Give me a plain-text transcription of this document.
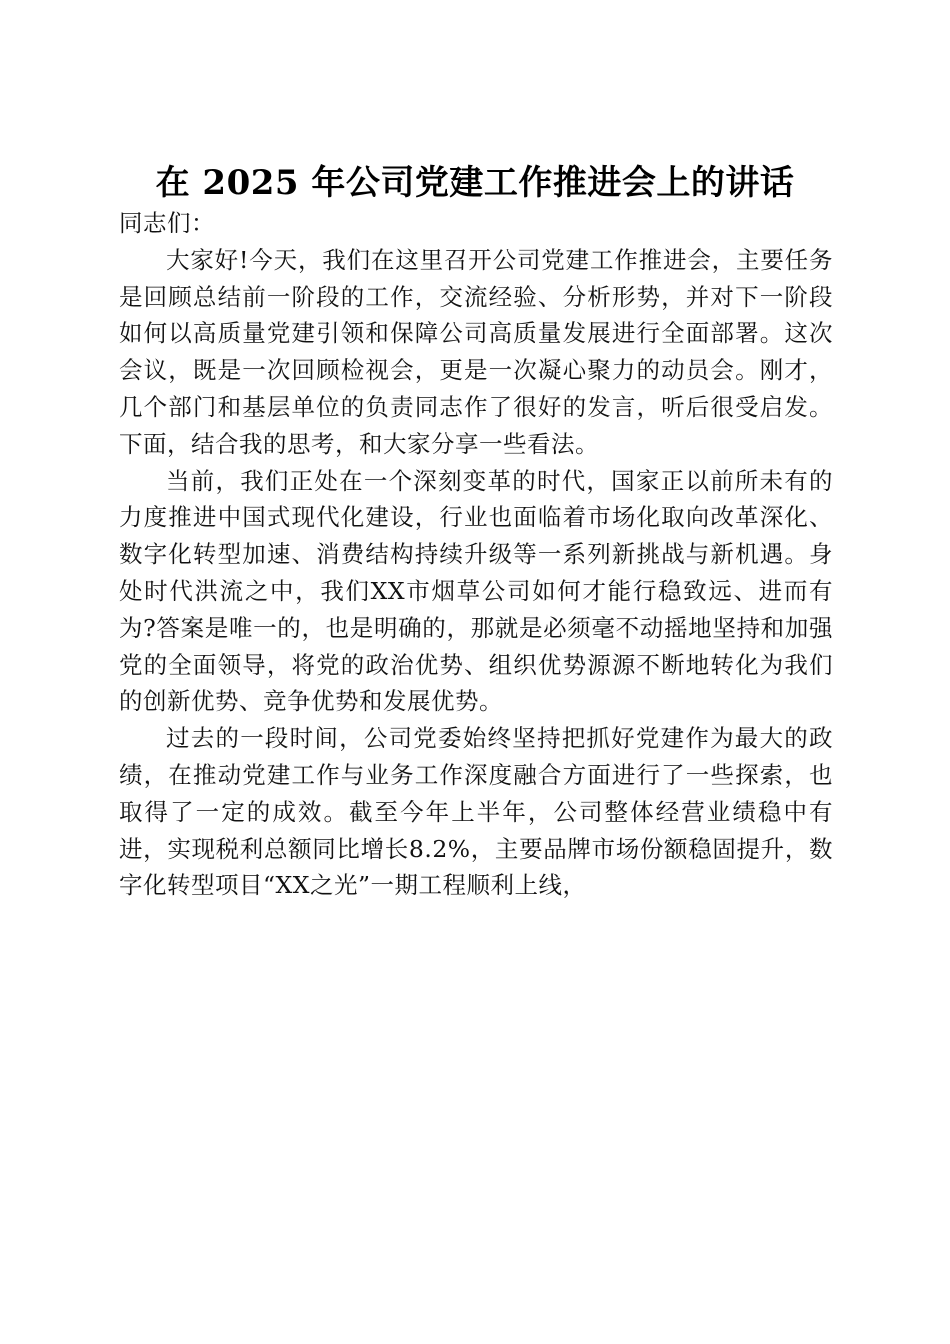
在 2025 年公司党建工作推进会上的讲话

同志们：

大家好!今天，我们在这里召开公司党建工作推进会，主要任务是回顾总结前一阶段的工作，交流经验、分析形势，并对下一阶段如何以高质量党建引领和保障公司高质量发展进行全面部署。这次会议，既是一次回顾检视会，更是一次凝心聚力的动员会。刚才，几个部门和基层单位的负责同志作了很好的发言，听后很受启发。下面，结合我的思考，和大家分享一些看法。

当前，我们正处在一个深刻变革的时代，国家正以前所未有的力度推进中国式现代化建设，行业也面临着市场化取向改革深化、数字化转型加速、消费结构持续升级等一系列新挑战与新机遇。身处时代洪流之中，我们XX市烟草公司如何才能行稳致远、进而有为?答案是唯一的，也是明确的，那就是必须毫不动摇地坚持和加强党的全面领导，将党的政治优势、组织优势源源不断地转化为我们的创新优势、竞争优势和发展优势。

过去的一段时间，公司党委始终坚持把抓好党建作为最大的政绩，在推动党建工作与业务工作深度融合方面进行了一些探索，也取得了一定的成效。截至今年上半年，公司整体经营业绩稳中有进，实现税利总额同比增长8.2%，主要品牌市场份额稳固提升，数字化转型项目“XX之光”一期工程顺利上线，
